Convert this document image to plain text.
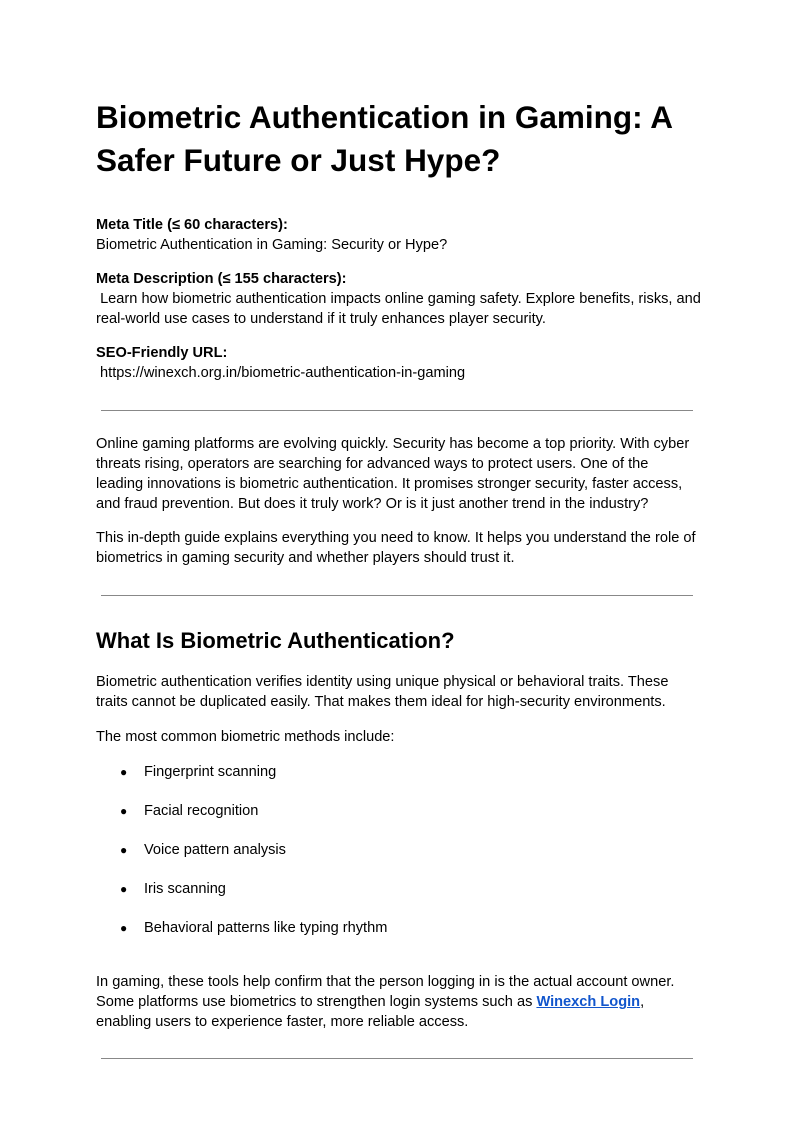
Biometric Authentication in Gaming: A Safer Future or Just Hype?
Meta Title (≤ 60 characters):
Biometric Authentication in Gaming: Security or Hype?
Meta Description (≤ 155 characters):
Learn how biometric authentication impacts online gaming safety. Explore benefits, risks, and real-world use cases to understand if it truly enhances player security.
SEO-Friendly URL:
https://winexch.org.in/biometric-authentication-in-gaming

Online gaming platforms are evolving quickly. Security has become a top priority. With cyber threats rising, operators are searching for advanced ways to protect users. One of the leading innovations is biometric authentication. It promises stronger security, faster access, and fraud prevention. But does it truly work? Or is it just another trend in the industry?

This in-depth guide explains everything you need to know. It helps you understand the role of biometrics in gaming security and whether players should trust it.

What Is Biometric Authentication?

Biometric authentication verifies identity using unique physical or behavioral traits. These traits cannot be duplicated easily. That makes them ideal for high-security environments.

The most common biometric methods include:

● Fingerprint scanning
● Facial recognition
● Voice pattern analysis
● Iris scanning
● Behavioral patterns like typing rhythm

In gaming, these tools help confirm that the person logging in is the actual account owner. Some platforms use biometrics to strengthen login systems such as Winexch Login, enabling users to experience faster, more reliable access.
